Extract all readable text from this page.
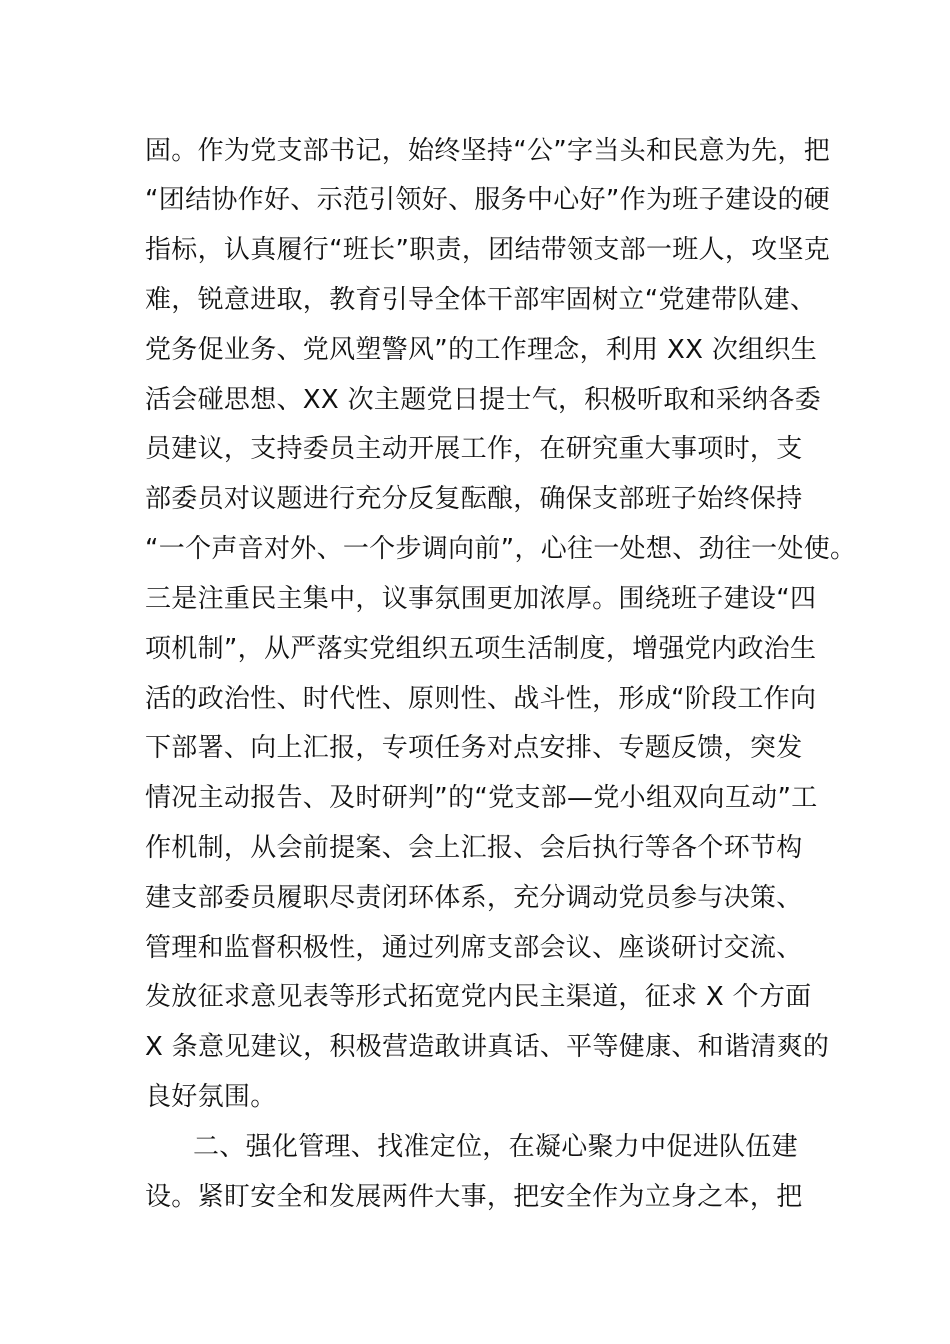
固。作为党支部书记，始终坚持“公”字当头和民意为先，把
“团结协作好、示范引领好、服务中心好”作为班子建设的硬
指标，认真履行“班长”职责，团结带领支部一班人，攻坚克
难，锐意进取，教育引导全体干部牢固树立“党建带队建、
党务促业务、党风塑警风”的工作理念，利用 XX 次组织生
活会碰思想、XX 次主题党日提士气，积极听取和采纳各委
员建议，支持委员主动开展工作，在研究重大事项时，支
部委员对议题进行充分反复酝酿，确保支部班子始终保持
“一个声音对外、一个步调向前”，心往一处想、劲往一处使。
三是注重民主集中，议事氛围更加浓厚。围绕班子建设“四
项机制”，从严落实党组织五项生活制度，增强党内政治生
活的政治性、时代性、原则性、战斗性，形成“阶段工作向
下部署、向上汇报，专项任务对点安排、专题反馈，突发
情况主动报告、及时研判”的“党支部—党小组双向互动”工
作机制，从会前提案、会上汇报、会后执行等各个环节构
建支部委员履职尽责闭环体系，充分调动党员参与决策、
管理和监督积极性，通过列席支部会议、座谈研讨交流、
发放征求意见表等形式拓宽党内民主渠道，征求 X 个方面
X 条意见建议，积极营造敢讲真话、平等健康、和谐清爽的
良好氛围。
二、强化管理、找准定位，在凝心聚力中促进队伍建
设。紧盯安全和发展两件大事，把安全作为立身之本，把
